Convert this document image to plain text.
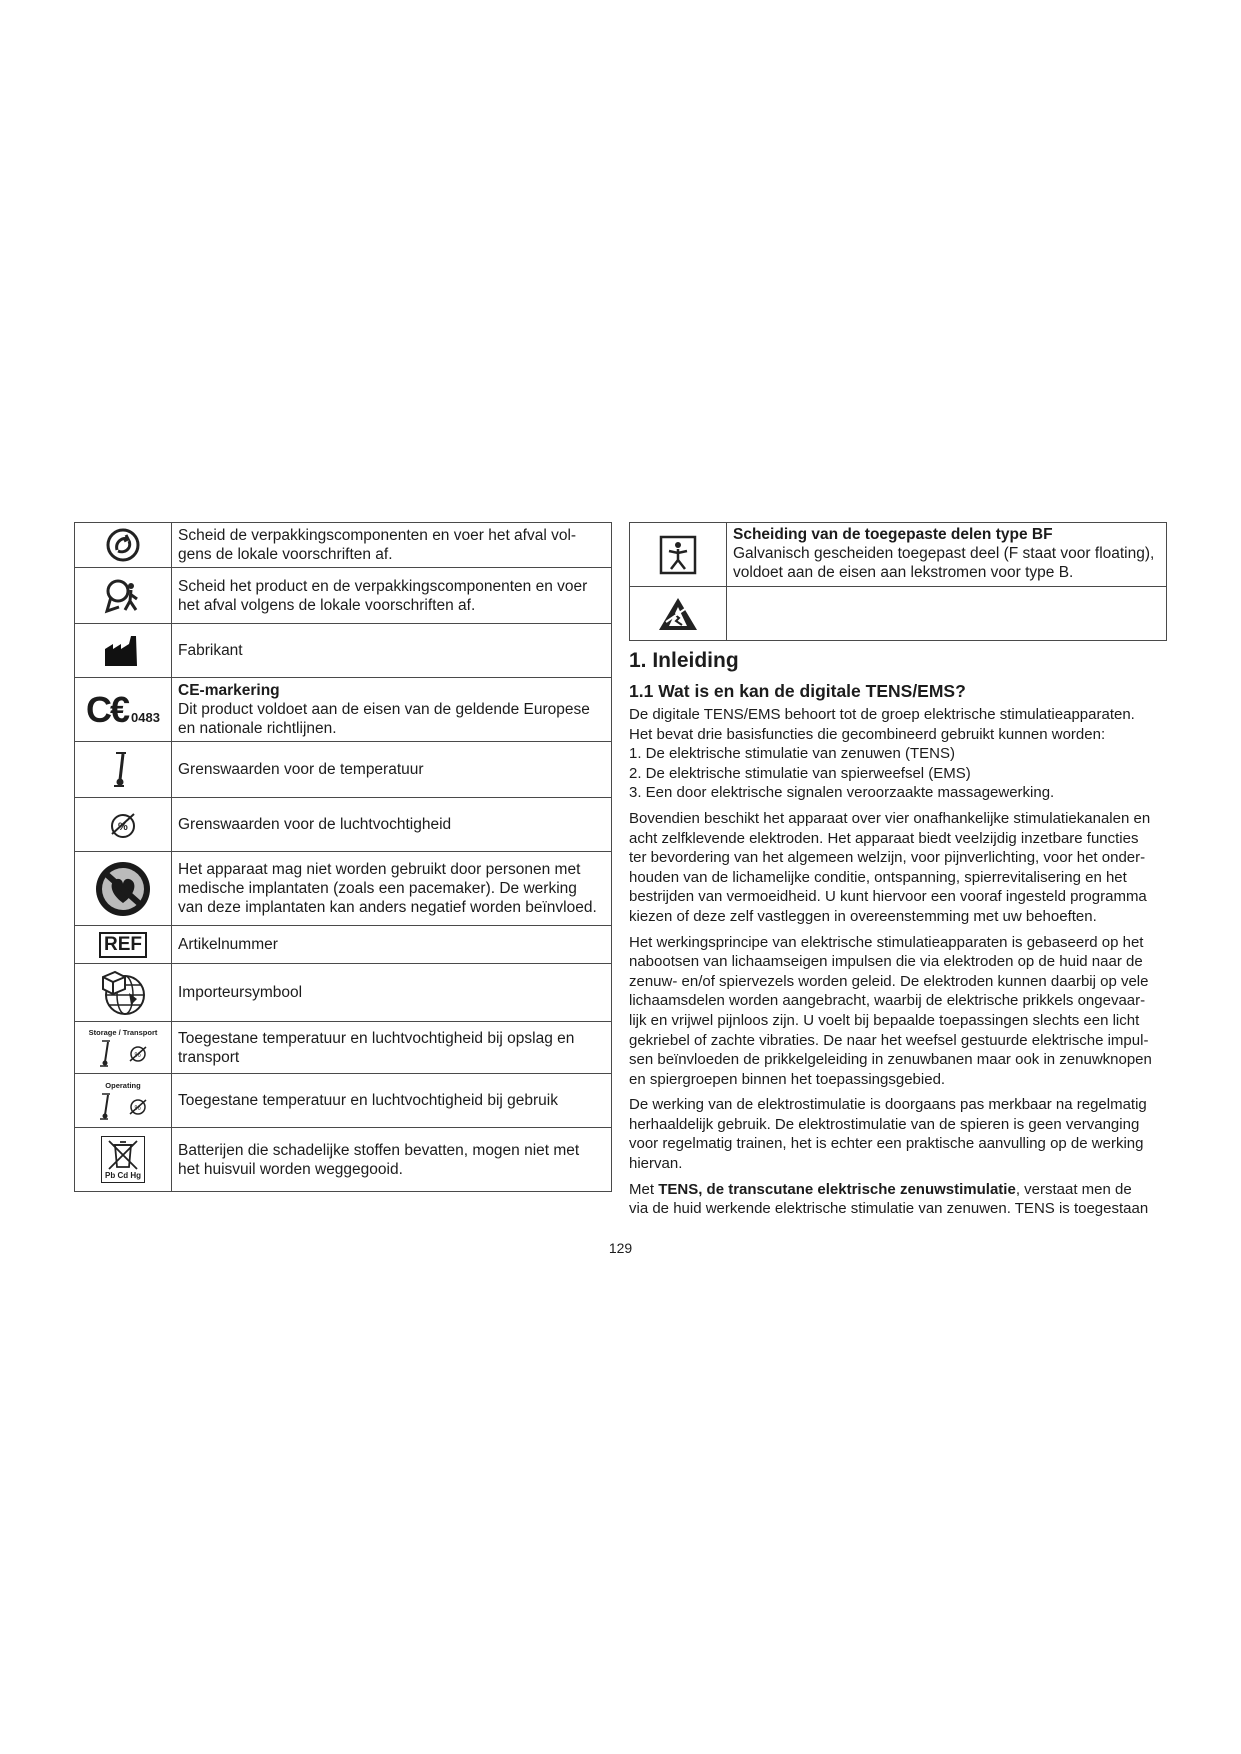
	Scheid de verpakkingscomponenten en voer het afval vol-
gens de lokale voorschriften af.

	Scheid het product en de verpakkingscomponenten en voer
het afval volgens de lokale voorschriften af.

	Fabrikant

C€ 0483	CE-markering
Dit product voldoet aan de eisen van de geldende Europese
en nationale richtlijnen.

	Grenswaarden voor de temperatuur

%	Grenswaarden voor de luchtvochtigheid

	Het apparaat mag niet worden gebruikt door personen met
medische implantaten (zoals een pacemaker). De werking
van deze implantaten kan anders negatief worden beïnvloed.
REF	Artikelnummer

	Importeursymbool

Storage / Transport
%	Toegestane temperatuur en luchtvochtigheid bij opslag en
transport

Operating
%	Toegestane temperatuur en luchtvochtigheid bij gebruik

Pb Cd Hg	Batterijen die schadelijke stoffen bevatten, mogen niet met
het huisvuil worden weggegooid.

Scheiding van de toegepaste delen type BF
Galvanisch gescheiden toegepast deel (F staat voor floating),
voldoet aan de eisen aan lekstromen voor type B.

1. Inleiding
1.1 Wat is en kan de digitale TENS/EMS?
De digitale TENS/EMS behoort tot de groep elektrische stimulatieapparaten.
Het bevat drie basisfuncties die gecombineerd gebruikt kunnen worden:
1. De elektrische stimulatie van zenuwen (TENS)
2. De elektrische stimulatie van spierweefsel (EMS)
3. Een door elektrische signalen veroorzaakte massagewerking.
Bovendien beschikt het apparaat over vier onafhankelijke stimulatiekanalen en
acht zelfklevende elektroden. Het apparaat biedt veelzijdig inzetbare functies
ter bevordering van het algemeen welzijn, voor pijnverlichting, voor het onder-
houden van de lichamelijke conditie, ontspanning, spierrevitalisering en het
bestrijden van vermoeidheid. U kunt hiervoor een vooraf ingesteld programma
kiezen of deze zelf vastleggen in overeenstemming met uw behoeften.
Het werkingsprincipe van elektrische stimulatieapparaten is gebaseerd op het
nabootsen van lichaamseigen impulsen die via elektroden op de huid naar de
zenuw- en/of spiervezels worden geleid. De elektroden kunnen daarbij op vele
lichaamsdelen worden aangebracht, waarbij de elektrische prikkels ongevaar-
lijk en vrijwel pijnloos zijn. U voelt bij bepaalde toepassingen slechts een licht
gekriebel of zachte vibraties. De naar het weefsel gestuurde elektrische impul-
sen beïnvloeden de prikkelgeleiding in zenuwbanen maar ook in zenuwknopen
en spiergroepen binnen het toepassingsgebied.
De werking van de elektrostimulatie is doorgaans pas merkbaar na regelmatig
herhaaldelijk gebruik. De elektrostimulatie van de spieren is geen vervanging
voor regelmatig trainen, het is echter een praktische aanvulling op de werking
hiervan.
Met TENS, de transcutane elektrische zenuwstimulatie, verstaat men de
via de huid werkende elektrische stimulatie van zenuwen. TENS is toegestaan
129
